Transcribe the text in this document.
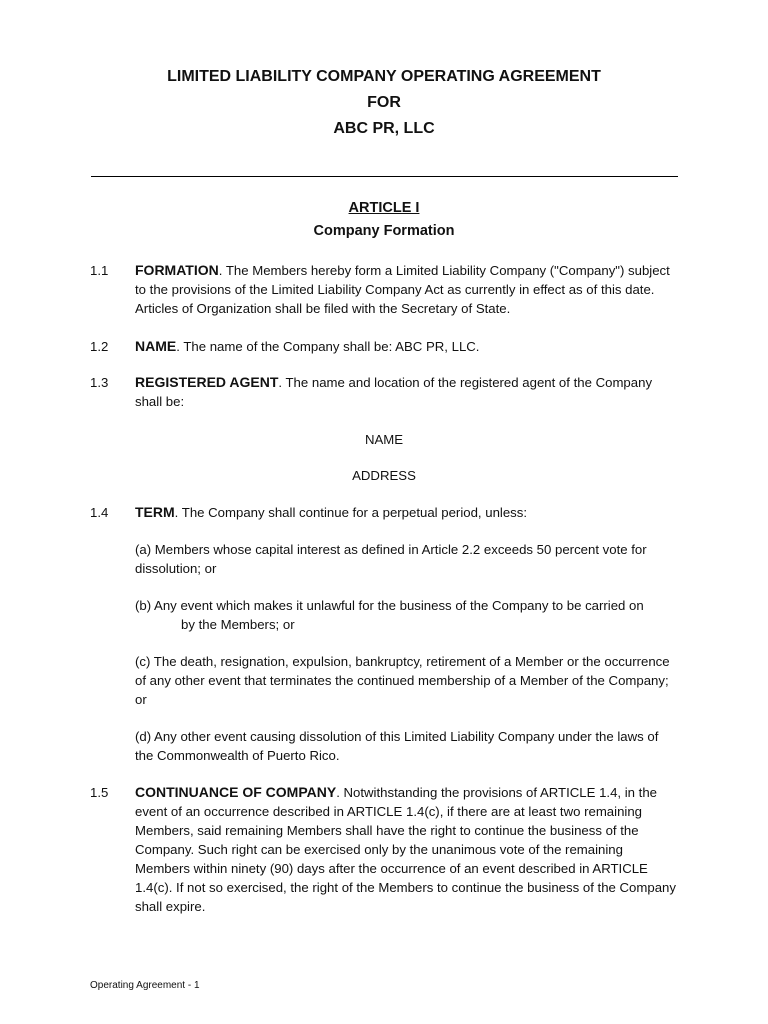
LIMITED LIABILITY COMPANY OPERATING AGREEMENT
FOR
ABC PR, LLC
ARTICLE I
Company Formation
1.1 FORMATION. The Members hereby form a Limited Liability Company ("Company") subject to the provisions of the Limited Liability Company Act as currently in effect as of this date. Articles of Organization shall be filed with the Secretary of State.
1.2 NAME. The name of the Company shall be: ABC PR, LLC.
1.3 REGISTERED AGENT. The name and location of the registered agent of the Company shall be:
NAME
ADDRESS
1.4 TERM. The Company shall continue for a perpetual period, unless:
(a) Members whose capital interest as defined in Article 2.2 exceeds 50 percent vote for dissolution; or
(b) Any event which makes it unlawful for the business of the Company to be carried on
by the Members; or
(c) The death, resignation, expulsion, bankruptcy, retirement of a Member or the occurrence of any other event that terminates the continued membership of a Member of the Company; or
(d) Any other event causing dissolution of this Limited Liability Company under the laws of the Commonwealth of Puerto Rico.
1.5 CONTINUANCE OF COMPANY. Notwithstanding the provisions of ARTICLE 1.4, in the event of an occurrence described in ARTICLE 1.4(c), if there are at least two remaining Members, said remaining Members shall have the right to continue the business of the Company. Such right can be exercised only by the unanimous vote of the remaining Members within ninety (90) days after the occurrence of an event described in ARTICLE 1.4(c). If not so exercised, the right of the Members to continue the business of the Company shall expire.
Operating Agreement - 1
